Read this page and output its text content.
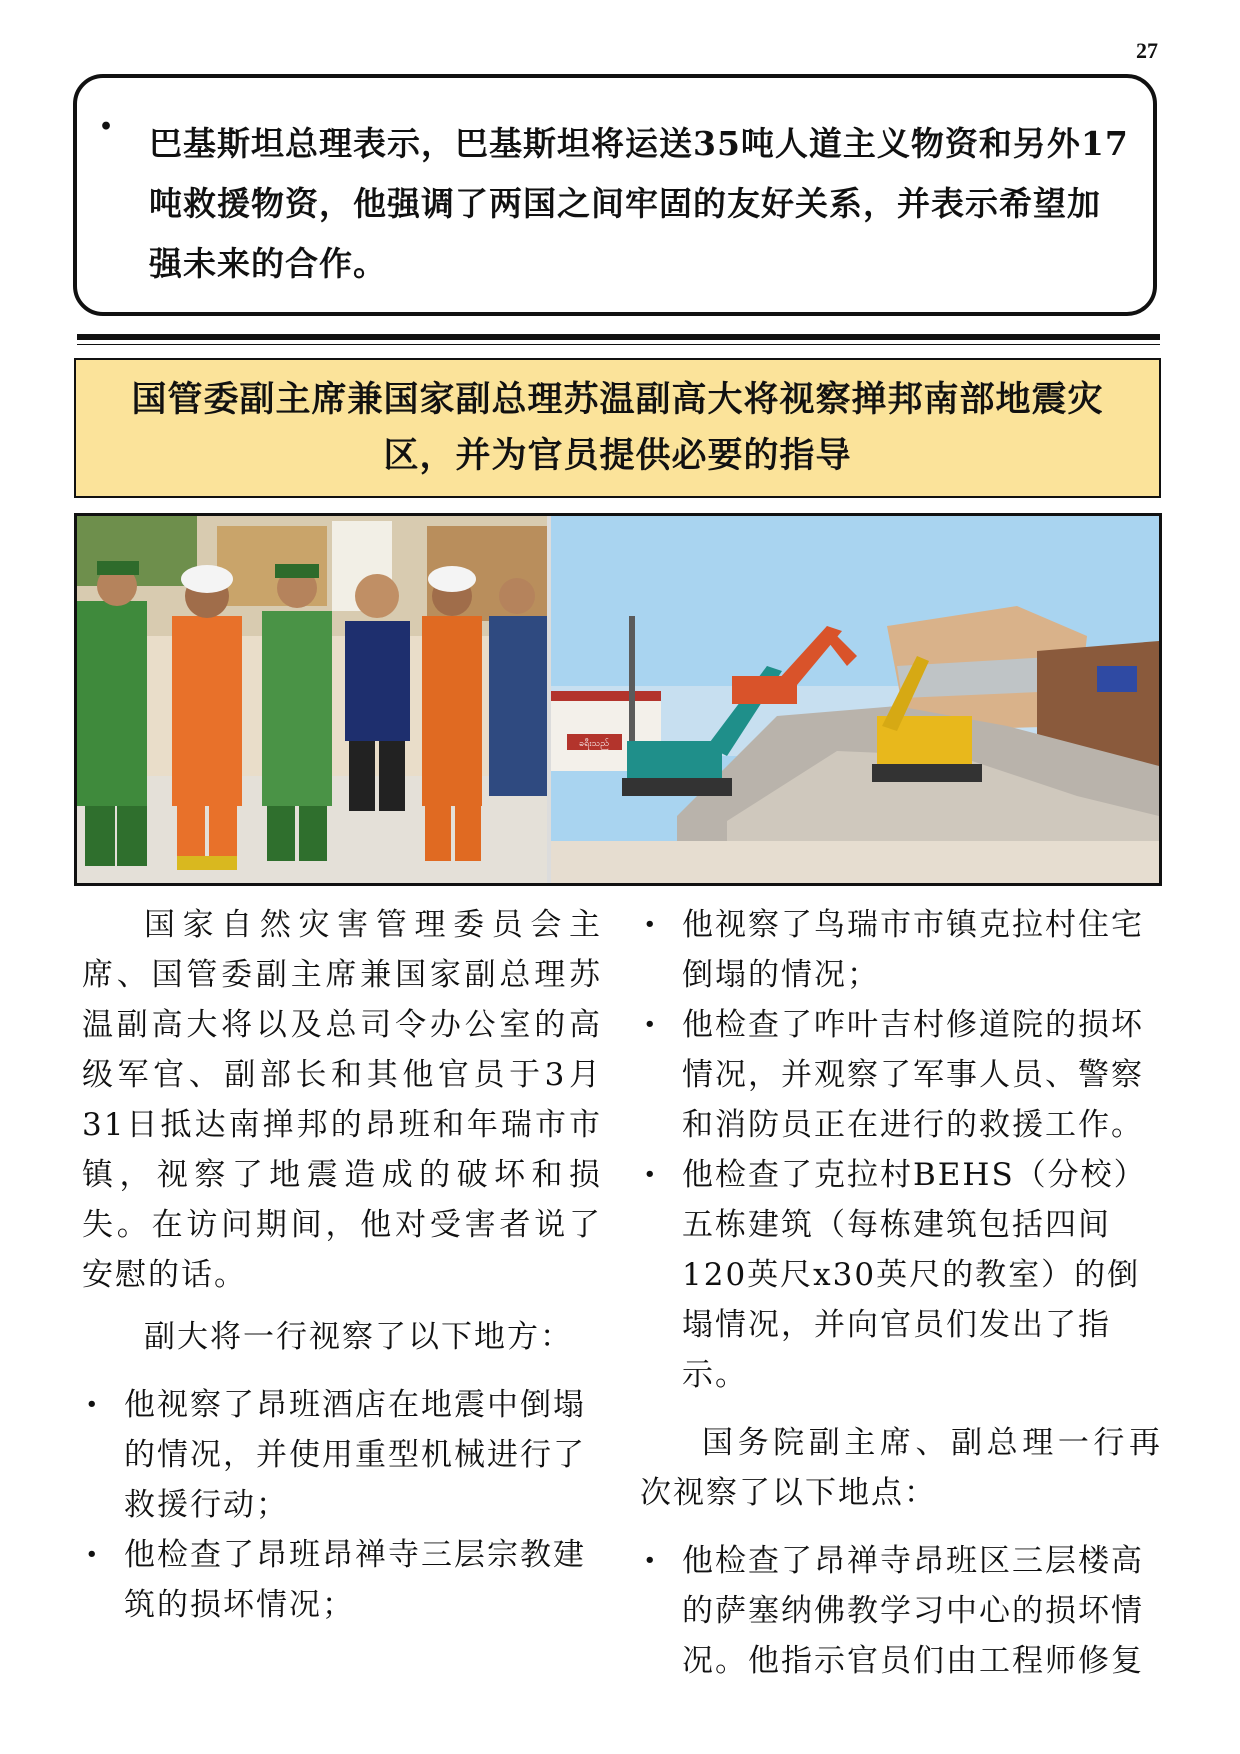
27
• 巴基斯坦总理表示，巴基斯坦将运送35吨人道主义物资和另外17吨救援物资，他强调了两国之间牢固的友好关系，并表示希望加强未来的合作。
国管委副主席兼国家副总理苏温副高大将视察掸邦南部地震灾区，并为官员提供必要的指导
ခရီးသည်

国家自然灾害管理委员会主席、国管委副主席兼国家副总理苏温副高大将以及总司令办公室的高级军官、副部长和其他官员于3月31日抵达南掸邦的昂班和年瑞市市镇，视察了地震造成的破坏和损失。在访问期间，他对受害者说了安慰的话。

副大将一行视察了以下地方：

• 他视察了昂班酒店在地震中倒塌的情况，并使用重型机械进行了救援行动；
• 他检查了昂班昂禅寺三层宗教建筑的损坏情况；
• 他视察了鸟瑞市市镇克拉村住宅倒塌的情况；
• 他检查了咋叶吉村修道院的损坏情况，并观察了军事人员、警察和消防员正在进行的救援工作。
• 他检查了克拉村BEHS（分校）五栋建筑（每栋建筑包括四间120英尺x30英尺的教室）的倒塌情况，并向官员们发出了指示。

国务院副主席、副总理一行再次视察了以下地点：

• 他检查了昂禅寺昂班区三层楼高的萨塞纳佛教学习中心的损坏情况。他指示官员们由工程师修复
